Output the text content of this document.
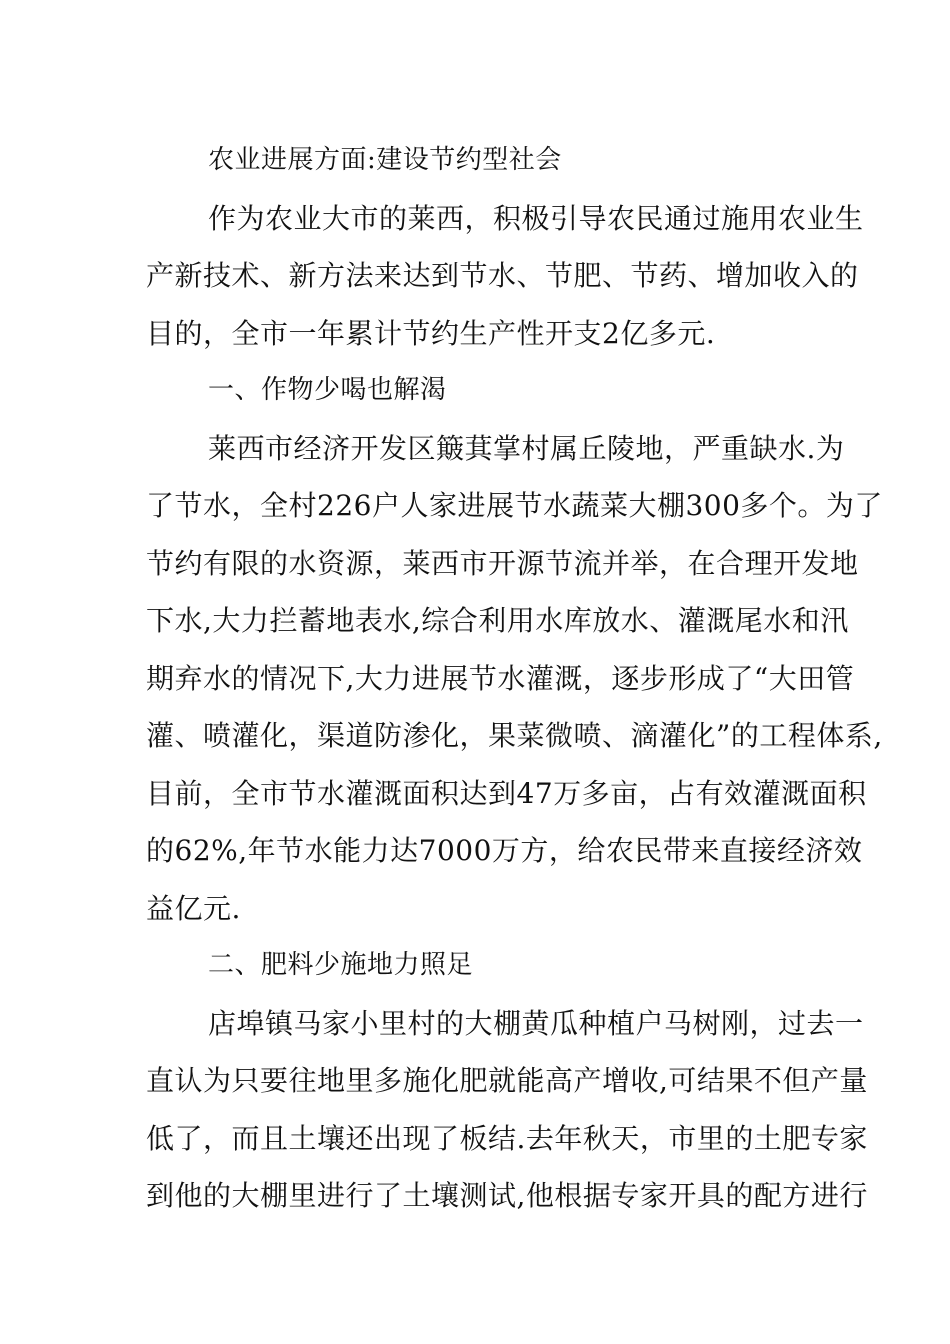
农业进展方面:建设节约型社会
作为农业大市的莱西，积极引导农民通过施用农业生
产新技术、新方法来达到节水、节肥、节药、增加收入的
目的，全市一年累计节约生产性开支2亿多元.
一、作物少喝也解渴
莱西市经济开发区簸萁掌村属丘陵地，严重缺水.为
了节水，全村226户人家进展节水蔬菜大棚300多个。为了
节约有限的水资源，莱西市开源节流并举，在合理开发地
下水,大力拦蓄地表水,综合利用水库放水、灌溉尾水和汛
期弃水的情况下,大力进展节水灌溉，逐步形成了“大田管
灌、喷灌化，渠道防渗化，果菜微喷、滴灌化”的工程体系,
目前，全市节水灌溉面积达到47万多亩，占有效灌溉面积
的62%,年节水能力达7000万方，给农民带来直接经济效
益亿元.
二、肥料少施地力照足
店埠镇马家小里村的大棚黄瓜种植户马树刚，过去一
直认为只要往地里多施化肥就能高产增收,可结果不但产量
低了，而且土壤还出现了板结.去年秋天，市里的土肥专家
到他的大棚里进行了土壤测试,他根据专家开具的配方进行
